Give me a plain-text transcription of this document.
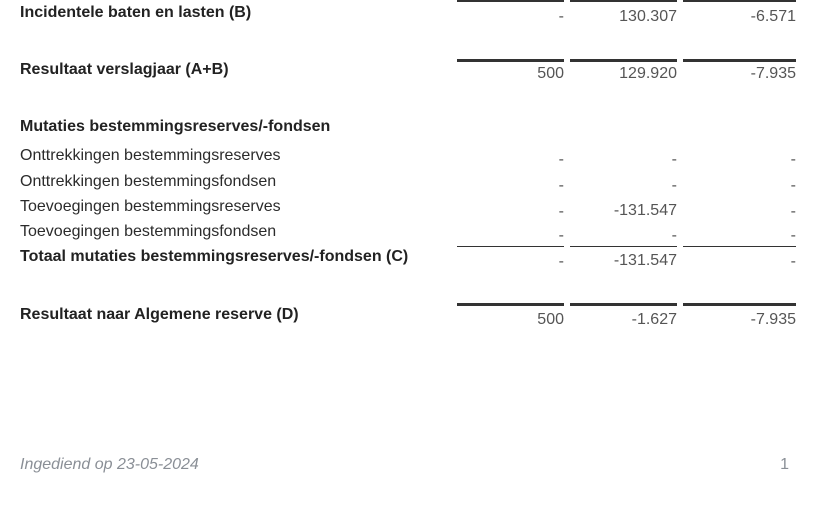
Incidentele baten en lasten (B)	-	130.307	-6.571
Resultaat verslagjaar (A+B)	500	129.920	-7.935
Mutaties bestemmingsreserves/-fondsen
Onttrekkingen bestemmingsreserves	-	-	-
Onttrekkingen bestemmingsfondsen	-	-	-
Toevoegingen bestemmingsreserves	-	-131.547	-
Toevoegingen bestemmingsfondsen	-	-	-
Totaal mutaties bestemmingsreserves/-fondsen (C)	-	-131.547	-
Resultaat naar Algemene reserve (D)	500	-1.627	-7.935
Ingediend op 23-05-2024	1
